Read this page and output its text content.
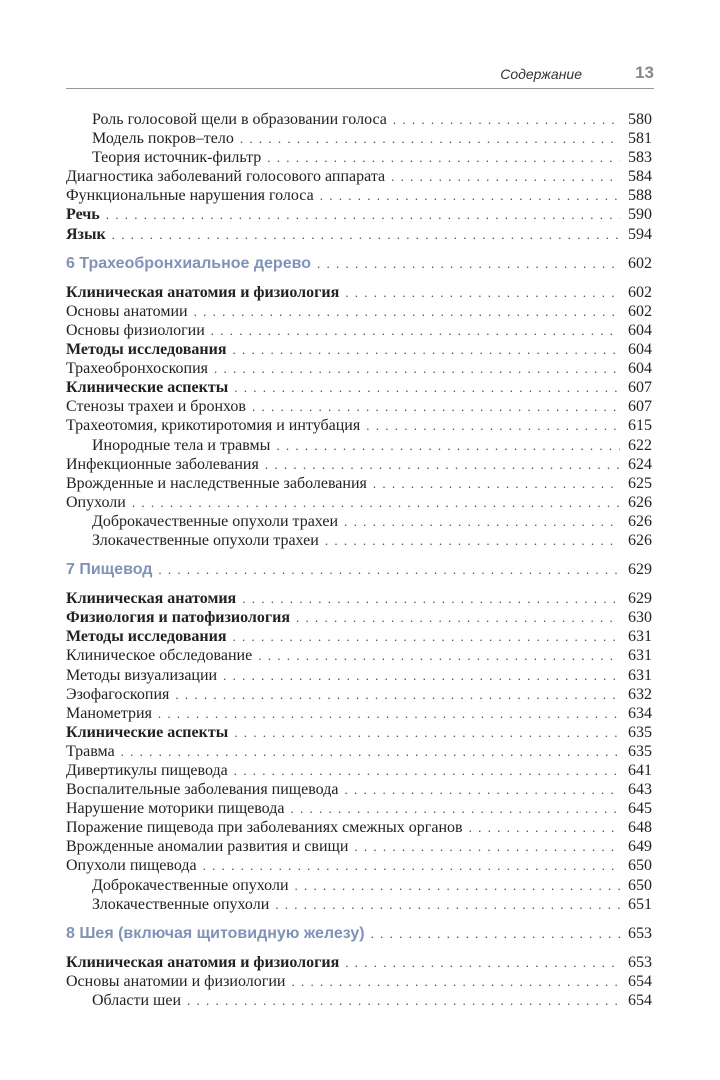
Содержание	13
Роль голосовой щели в образовании голоса . . .	580
Модель покров–тело . . .	581
Теория источник-фильтр . . .	583
Диагностика заболеваний голосового аппарата . . .	584
Функциональные нарушения голоса . . .	588
Речь . . .	590
Язык . . .	594
6 Трахеобронхиальное дерево . . .	602
Клиническая анатомия и физиология . . .	602
Основы анатомии . . .	602
Основы физиологии . . .	604
Методы исследования . . .	604
Трахеобронхоскопия . . .	604
Клинические аспекты . . .	607
Стенозы трахеи и бронхов . . .	607
Трахеотомия, крикотиротомия и интубация . . .	615
Инородные тела и травмы . . .	622
Инфекционные заболевания . . .	624
Врожденные и наследственные заболевания . . .	625
Опухоли . . .	626
Доброкачественные опухоли трахеи . . .	626
Злокачественные опухоли трахеи . . .	626
7 Пищевод . . .	629
Клиническая анатомия . . .	629
Физиология и патофизиология . . .	630
Методы исследования . . .	631
Клиническое обследование . . .	631
Методы визуализации . . .	631
Эзофагоскопия . . .	632
Манометрия . . .	634
Клинические аспекты . . .	635
Травма . . .	635
Дивертикулы пищевода . . .	641
Воспалительные заболевания пищевода . . .	643
Нарушение моторики пищевода . . .	645
Поражение пищевода при заболеваниях смежных органов . . .	648
Врожденные аномалии развития и свищи . . .	649
Опухоли пищевода . . .	650
Доброкачественные опухоли . . .	650
Злокачественные опухоли . . .	651
8 Шея (включая щитовидную железу) . . .	653
Клиническая анатомия и физиология . . .	653
Основы анатомии и физиологии . . .	654
Области шеи . . .	654
